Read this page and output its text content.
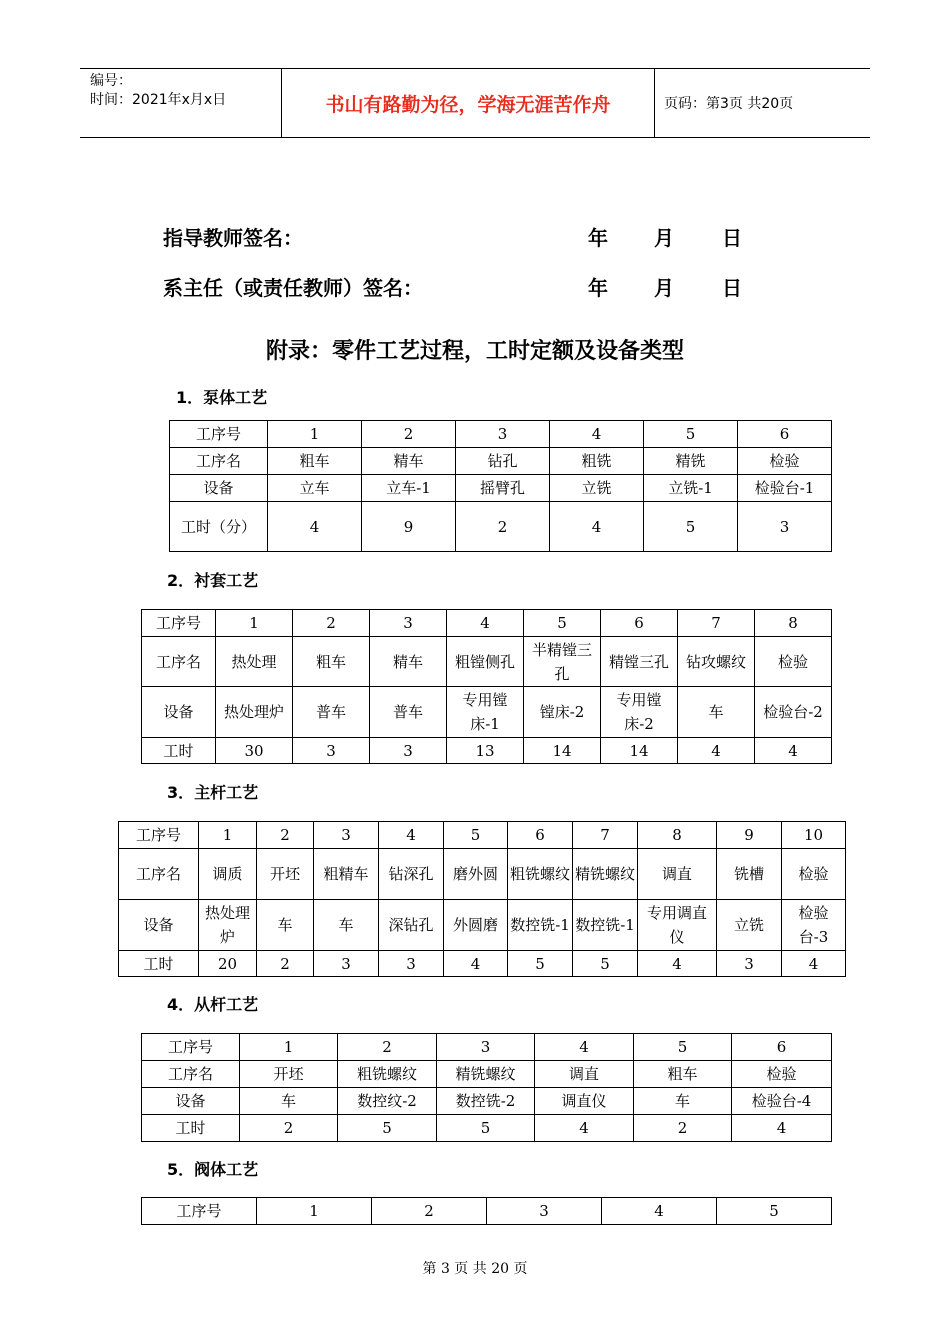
编号：
时间：2021年x月x日	书山有路勤为径，学海无涯苦作舟	页码：第3页 共20页
指导教师签名：	年 月 日
系主任（或责任教师）签名：	年 月 日
附录：零件工艺过程，工时定额及设备类型
1．泵体工艺
工序号	1	2	3	4	5	6
工序名	粗车	精车	钻孔	粗铣	精铣	检验
设备	立车	立车-1	摇臂孔	立铣	立铣-1	检验台-1
工时（分）	4	9	2	4	5	3
2．衬套工艺
工序号	1	2	3	4	5	6	7	8
工序名	热处理	粗车	精车	粗镗侧孔	半精镗三孔	精镗三孔	钻攻螺纹	检验
设备	热处理炉	普车	普车	专用镗床-1	镗床-2	专用镗床-2	车	检验台-2
工时	30	3	3	13	14	14	4	4
3．主杆工艺
工序号	1	2	3	4	5	6	7	8	9	10
工序名	调质	开坯	粗精车	钻深孔	磨外圆	粗铣螺纹	精铣螺纹	调直	铣槽	检验
设备	热处理炉	车	车	深钻孔	外圆磨	数控铣-1	数控铣-1	专用调直仪	立铣	检验台-3
工时	20	2	3	3	4	5	5	4	3	4
4．从杆工艺
工序号	1	2	3	4	5	6
工序名	开坯	粗铣螺纹	精铣螺纹	调直	粗车	检验
设备	车	数控纹-2	数控铣-2	调直仪	车	检验台-4
工时	2	5	5	4	2	4
5．阀体工艺
工序号	1	2	3	4	5
第 3 页 共 20 页
